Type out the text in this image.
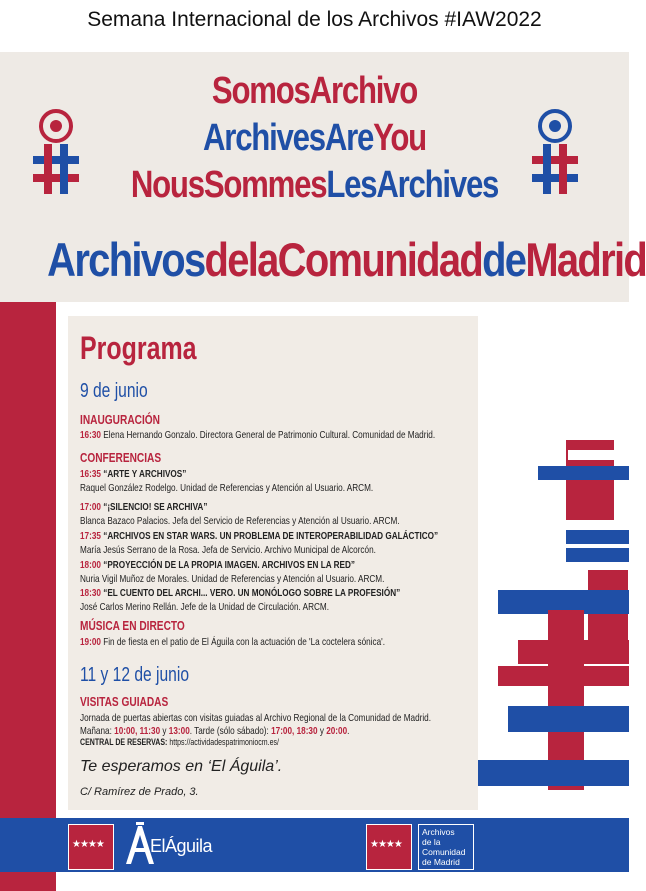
Semana Internacional de los Archivos #IAW2022
SomosArchivo
ArchivesAreYou
NousSommesLesArchives
ArchivosdelaComunidaddeMadrid
Programa
9 de junio
INAUGURACIÓN
16:30 Elena Hernando Gonzalo. Directora General de Patrimonio Cultural. Comunidad de Madrid.
CONFERENCIAS
16:35 “ARTE Y ARCHIVOS”
Raquel González Rodelgo. Unidad de Referencias y Atención al Usuario. ARCM.
17:00 “¡SILENCIO! SE ARCHIVA”
Blanca Bazaco Palacios. Jefa del Servicio de Referencias y Atención al Usuario. ARCM.
17:35 “ARCHIVOS EN STAR WARS. UN PROBLEMA DE INTEROPERABILIDAD GALÁCTICO”
María Jesús Serrano de la Rosa. Jefa de Servicio. Archivo Municipal de Alcorcón.
18:00 “PROYECCIÓN DE LA PROPIA IMAGEN. ARCHIVOS EN LA RED”
Nuria Vigil Muñoz de Morales. Unidad de Referencias y Atención al Usuario. ARCM.
18:30 “EL CUENTO DEL ARCHI... VERO. UN MONÓLOGO SOBRE LA PROFESIÓN”
José Carlos Merino Rellán. Jefe de la Unidad de Circulación. ARCM.
MÚSICA EN DIRECTO
19:00 Fin de fiesta en el patio de El Águila con la actuación de 'La coctelera sónica'.
11 y 12 de junio
VISITAS GUIADAS
Jornada de puertas abiertas con visitas guiadas al Archivo Regional de la Comunidad de Madrid.
Mañana: 10:00, 11:30 y 13:00. Tarde (sólo sábado): 17:00, 18:30 y 20:00.
CENTRAL DE RESERVAS: https://actividadespatrimoniocm.es/
Te esperamos en ‘El Águila’.
C/ Ramírez de Prado, 3.
★★★★	ElÁguila	★★★★
Archivos
de la
Comunidad
de Madrid
